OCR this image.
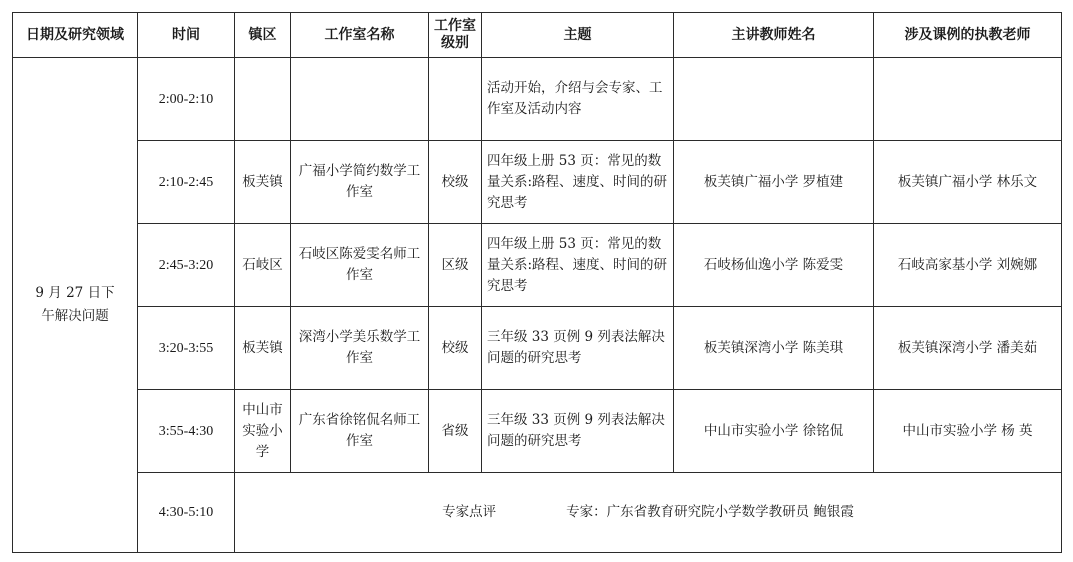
日期及研究领域	时间	镇区	工作室名称	工作室级别	主题	主讲教师姓名	涉及课例的执教老师

9 月 27 日下午解决问题	2:00-2:10				活动开始，介绍与会专家、工作室及活动内容		
	2:10-2:45	板芙镇	广福小学简约数学工作室	校级	四年级上册 53 页：常见的数量关系:路程、速度、时间的研究思考	板芙镇广福小学 罗植建	板芙镇广福小学 林乐文
	2:45-3:20	石岐区	石岐区陈爱雯名师工作室	区级	四年级上册 53 页：常见的数量关系:路程、速度、时间的研究思考	石岐杨仙逸小学 陈爱雯	石岐高家基小学 刘婉娜
	3:20-3:55	板芙镇	深湾小学美乐数学工作室	校级	三年级 33 页例 9 列表法解决问题的研究思考	板芙镇深湾小学 陈美琪	板芙镇深湾小学 潘美茹
	3:55-4:30	中山市实验小学	广东省徐铭侃名师工作室	省级	三年级 33 页例 9 列表法解决问题的研究思考	中山市实验小学 徐铭侃	中山市实验小学 杨 英
	4:30-5:10	专家点评 专家：广东省教育研究院小学数学教研员 鲍银霞					
